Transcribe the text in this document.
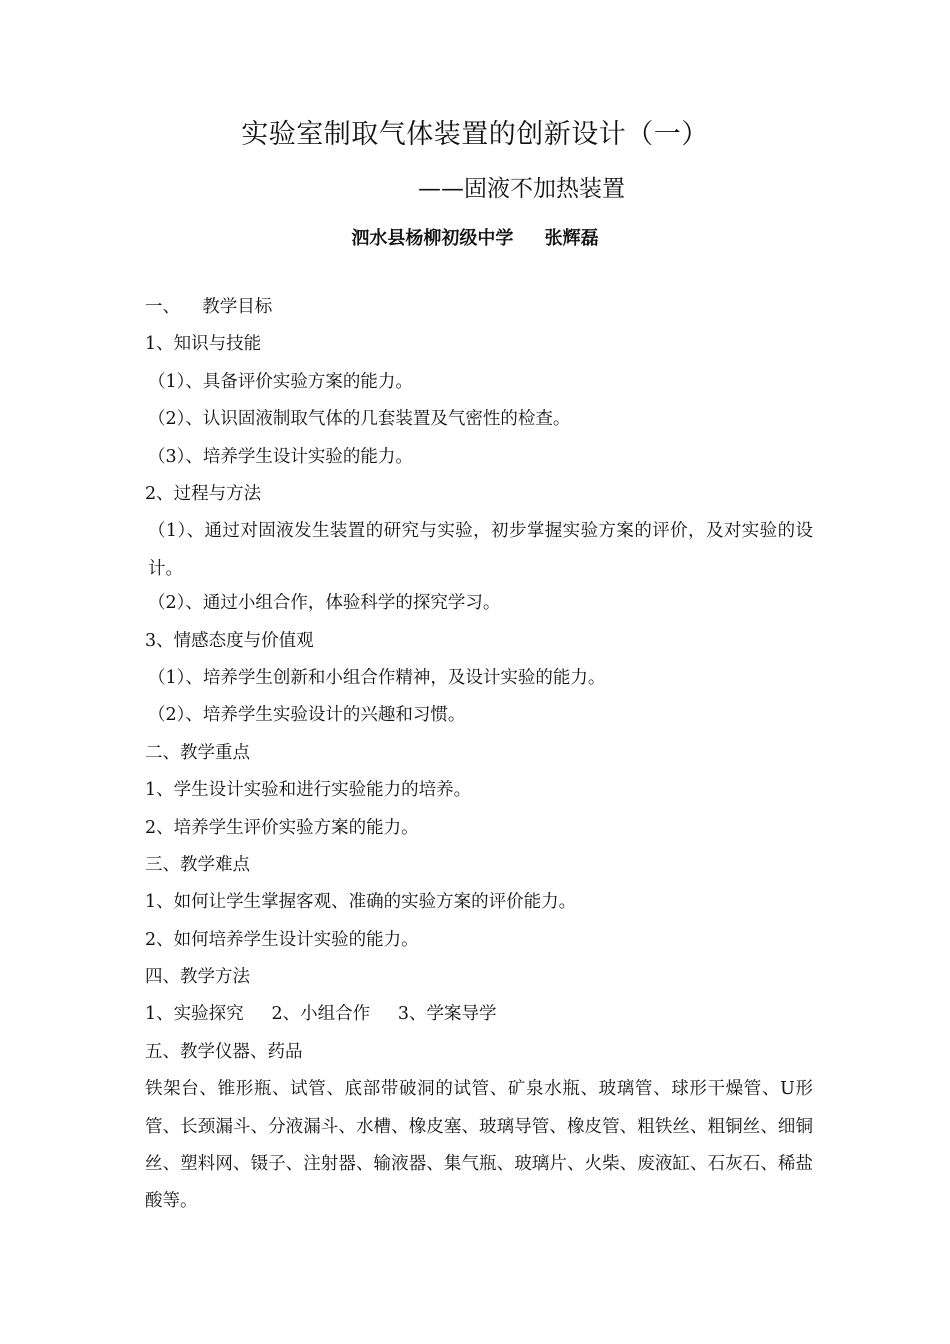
实验室制取气体装置的创新设计（一）
——固液不加热装置
泗水县杨柳初级中学     张辉磊
一、    教学目标
1、知识与技能
（1）、具备评价实验方案的能力。
（2）、认识固液制取气体的几套装置及气密性的检查。
（3）、培养学生设计实验的能力。
2、过程与方法
（1）、通过对固液发生装置的研究与实验，初步掌握实验方案的评价，及对实验的设计。
（2）、通过小组合作，体验科学的探究学习。
3、情感态度与价值观
（1）、培养学生创新和小组合作精神，及设计实验的能力。
（2）、培养学生实验设计的兴趣和习惯。
二、教学重点
1、学生设计实验和进行实验能力的培养。
2、培养学生评价实验方案的能力。
三、教学难点
1、如何让学生掌握客观、准确的实验方案的评价能力。
2、如何培养学生设计实验的能力。
四、教学方法
1、实验探究     2、小组合作     3、学案导学
五、教学仪器、药品
铁架台、锥形瓶、试管、底部带破洞的试管、矿泉水瓶、玻璃管、球形干燥管、U形管、长颈漏斗、分液漏斗、水槽、橡皮塞、玻璃导管、橡皮管、粗铁丝、粗铜丝、细铜丝、塑料网、镊子、注射器、输液器、集气瓶、玻璃片、火柴、废液缸、石灰石、稀盐酸等。
